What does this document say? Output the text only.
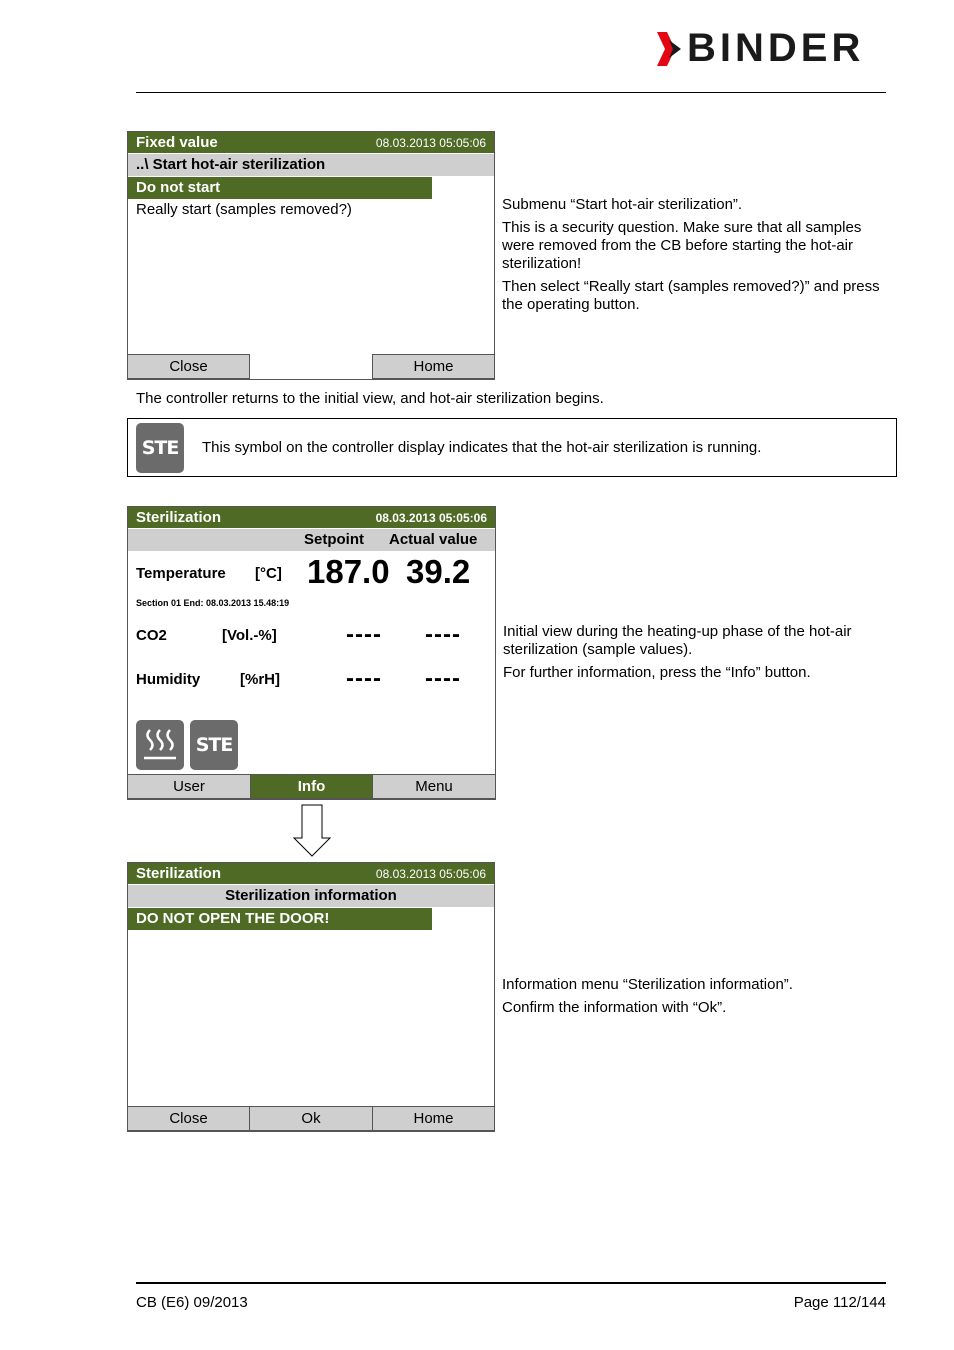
BINDER
Fixed value	08.03.2013 05:05:06
..\ Start hot-air sterilization
Do not start
Really start (samples removed?)
Close	Home

Submenu “Start hot-air sterilization”.

This is a security question. Make sure that all samples were removed from the CB before starting the hot-air sterilization!

Then select “Really start (samples removed?)” and press the operating button.

The controller returns to the initial view, and hot-air sterilization begins.
STE	This symbol on the controller display indicates that the hot-air sterilization is running.
Sterilization	08.03.2013 05:05:06
Setpoint Actual value
Temperature [°C] 187.0 39.2
Section 01 End: 08.03.2013 15.48:19
CO2	[Vol.-%]	---- ----
Humidity	[%rH]	---- ----
STE
User	Info	Menu

Initial view during the heating-up phase of the hot-air sterilization (sample values).

For further information, press the “Info” button.

Sterilization	08.03.2013 05:05:06
Sterilization information
DO NOT OPEN THE DOOR!
Close	Ok	Home

Information menu “Sterilization information”.

Confirm the information with “Ok”.

CB (E6) 09/2013	Page 112/144
